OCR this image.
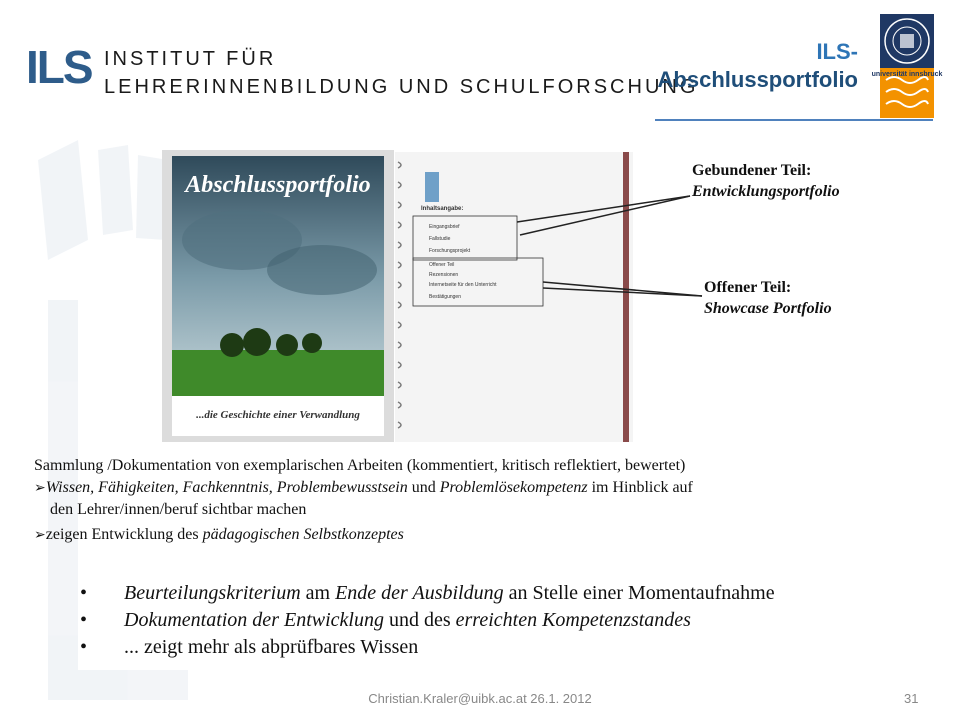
ILS INSTITUT FÜR
LEHRERINNENBILDUNG UND SCHULFORSCHUNG
ILS-
Abschlussportfolio universität innsbruck
Abschlussportfolio
...die Geschichte einer Verwandlung
Inhaltsangabe:
Eingangsbrief
Fallstudie
Forschungsprojekt
Offener Teil
Rezensionen
Internetseite für den Unterricht
Bestätigungen
Gebundener Teil:
Entwicklungsportfolio
Offener Teil:
Showcase Portfolio
Sammlung /Dokumentation von exemplarischen Arbeiten (kommentiert, kritisch reflektiert, bewertet)
➢Wissen, Fähigkeiten, Fachkenntnis, Problembewusstsein und Problemlösekompetenz im Hinblick auf
den Lehrer/innen/beruf sichtbar machen
➢zeigen Entwicklung des pädagogischen Selbstkonzeptes
• Beurteilungskriterium am Ende der Ausbildung an Stelle einer Momentaufnahme
• Dokumentation der Entwicklung und des erreichten Kompetenzstandes
• ... zeigt mehr als abprüfbares Wissen
Christian.Kraler@uibk.ac.at 26.1. 2012	31
